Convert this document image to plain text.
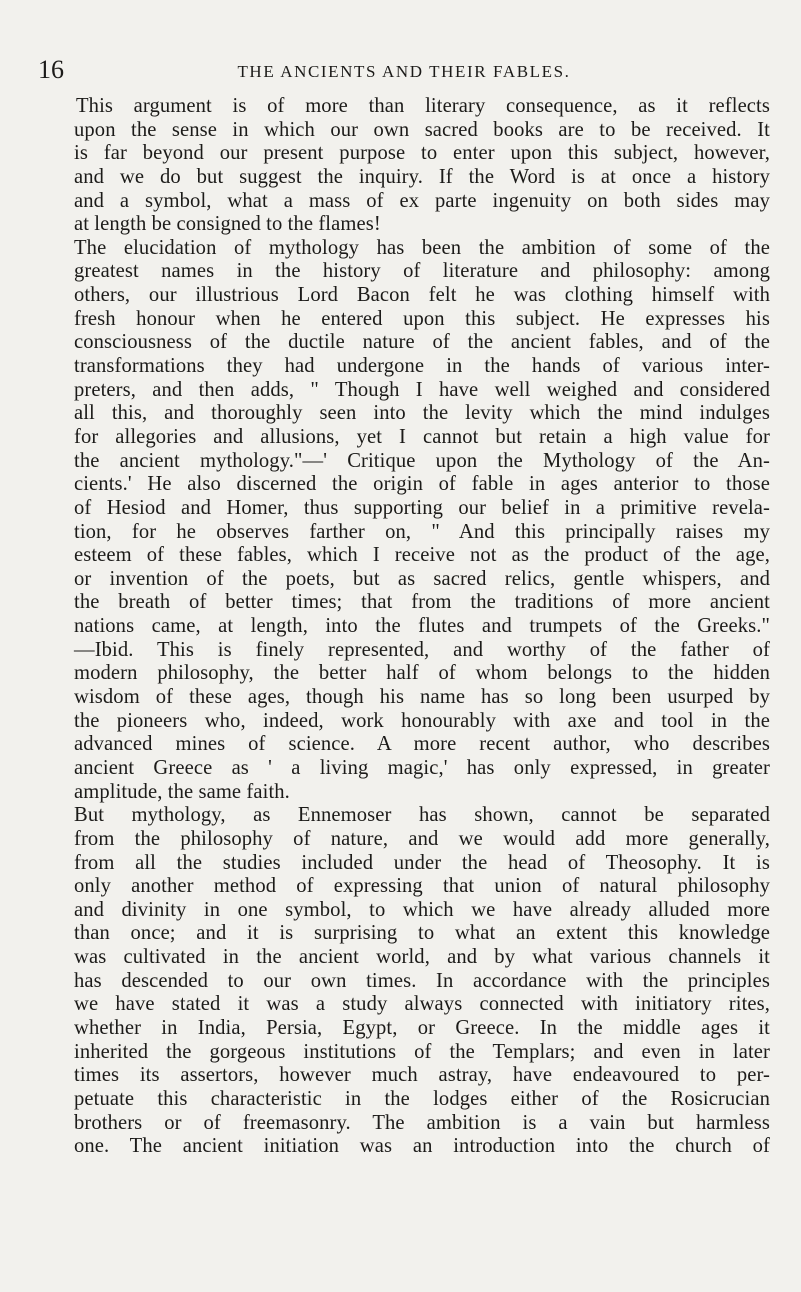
16	THE ANCIENTS AND THEIR FABLES.
This argument is of more than literary consequence, as it reflects
upon the sense in which our own sacred books are to be received. It
is far beyond our present purpose to enter upon this subject, however,
and we do but suggest the inquiry. If the Word is at once a history
and a symbol, what a mass of ex parte ingenuity on both sides may
at length be consigned to the flames!
The elucidation of mythology has been the ambition of some of the
greatest names in the history of literature and philosophy: among
others, our illustrious Lord Bacon felt he was clothing himself with
fresh honour when he entered upon this subject. He expresses his
consciousness of the ductile nature of the ancient fables, and of the
transformations they had undergone in the hands of various inter-
preters, and then adds, " Though I have well weighed and considered
all this, and thoroughly seen into the levity which the mind indulges
for allegories and allusions, yet I cannot but retain a high value for
the ancient mythology."—' Critique upon the Mythology of the An-
cients.' He also discerned the origin of fable in ages anterior to those
of Hesiod and Homer, thus supporting our belief in a primitive revela-
tion, for he observes farther on, " And this principally raises my
esteem of these fables, which I receive not as the product of the age,
or invention of the poets, but as sacred relics, gentle whispers, and
the breath of better times; that from the traditions of more ancient
nations came, at length, into the flutes and trumpets of the Greeks."
—Ibid. This is finely represented, and worthy of the father of
modern philosophy, the better half of whom belongs to the hidden
wisdom of these ages, though his name has so long been usurped by
the pioneers who, indeed, work honourably with axe and tool in the
advanced mines of science. A more recent author, who describes
ancient Greece as ' a living magic,' has only expressed, in greater
amplitude, the same faith.
But mythology, as Ennemoser has shown, cannot be separated
from the philosophy of nature, and we would add more generally,
from all the studies included under the head of Theosophy. It is
only another method of expressing that union of natural philosophy
and divinity in one symbol, to which we have already alluded more
than once; and it is surprising to what an extent this knowledge
was cultivated in the ancient world, and by what various channels it
has descended to our own times. In accordance with the principles
we have stated it was a study always connected with initiatory rites,
whether in India, Persia, Egypt, or Greece. In the middle ages it
inherited the gorgeous institutions of the Templars; and even in later
times its assertors, however much astray, have endeavoured to per-
petuate this characteristic in the lodges either of the Rosicrucian
brothers or of freemasonry. The ambition is a vain but harmless
one. The ancient initiation was an introduction into the church of
